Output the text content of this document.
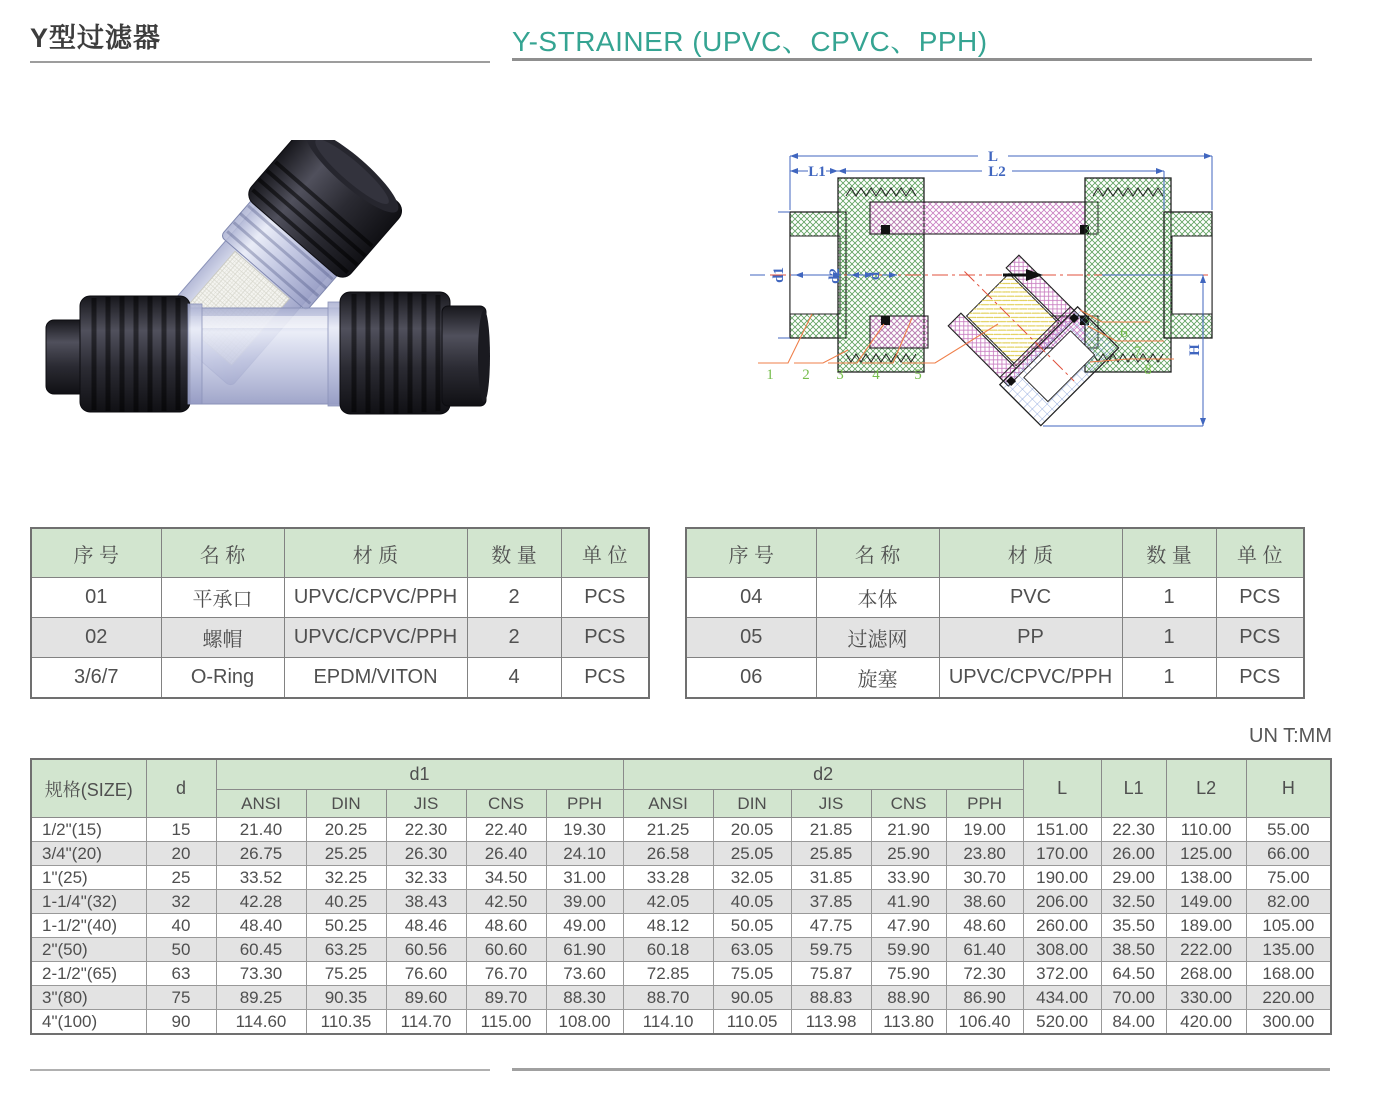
Y型过滤器	Y-STRAINER (UPVC、CPVC、PPH)
L
L2
L1
d1	d2 d
H
1 2 3 4 5
6
7
8
序 号	名 称	材 质	数 量	单 位
01	平承口	UPVC/CPVC/PPH	2	PCS
02	螺帽	UPVC/CPVC/PPH	2	PCS
3/6/7	O-Ring	EPDM/VITON	4	PCS
序 号	名 称	材 质	数 量	单 位
04	本体	PVC	1	PCS
05	过滤网	PP	1	PCS
06	旋塞	UPVC/CPVC/PPH	1	PCS
UN T:MM
规格(SIZE)	d	d1					d2					L	L1	L2	H
		ANSI	DIN	JIS	CNS	PPH	ANSI	DIN	JIS	CNS	PPH				
1/2"(15)	15	21.40	20.25	22.30	22.40	19.30	21.25	20.05	21.85	21.90	19.00	151.00	22.30	110.00	55.00
3/4"(20)	20	26.75	25.25	26.30	26.40	24.10	26.58	25.05	25.85	25.90	23.80	170.00	26.00	125.00	66.00
1"(25)	25	33.52	32.25	32.33	34.50	31.00	33.28	32.05	31.85	33.90	30.70	190.00	29.00	138.00	75.00
1-1/4"(32)	32	42.28	40.25	38.43	42.50	39.00	42.05	40.05	37.85	41.90	38.60	206.00	32.50	149.00	82.00
1-1/2"(40)	40	48.40	50.25	48.46	48.60	49.00	48.12	50.05	47.75	47.90	48.60	260.00	35.50	189.00	105.00
2"(50)	50	60.45	63.25	60.56	60.60	61.90	60.18	63.05	59.75	59.90	61.40	308.00	38.50	222.00	135.00
2-1/2"(65)	63	73.30	75.25	76.60	76.70	73.60	72.85	75.05	75.87	75.90	72.30	372.00	64.50	268.00	168.00
3"(80)	75	89.25	90.35	89.60	89.70	88.30	88.70	90.05	88.83	88.90	86.90	434.00	70.00	330.00	220.00
4"(100)	90	114.60	110.35	114.70	115.00	108.00	114.10	110.05	113.98	113.80	106.40	520.00	84.00	420.00	300.00
